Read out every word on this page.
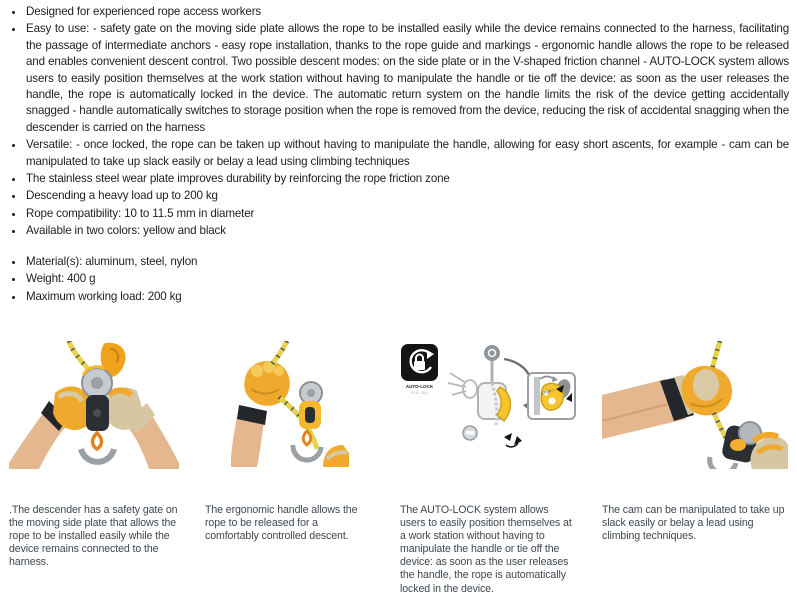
• Designed for experienced rope access workers
• Easy to use: - safety gate on the moving side plate allows the rope to be installed easily while the device remains connected to the harness, facilitating the passage of intermediate anchors - easy rope installation, thanks to the rope guide and markings - ergonomic handle allows the rope to be released and enables convenient descent control. Two possible descent modes: on the side plate or in the V-shaped friction channel - AUTO-LOCK system allows users to easily position themselves at the work station without having to manipulate the handle or tie off the device: as soon as the user releases the handle, the rope is automatically locked in the device. The automatic return system on the handle limits the risk of the device getting accidentally snagged - handle automatically switches to storage position when the rope is removed from the device, reducing the risk of accidental snagging when the descender is carried on the harness
• Versatile: - once locked, the rope can be taken up without having to manipulate the handle, allowing for easy short ascents, for example - cam can be manipulated to take up slack easily or belay a lead using climbing techniques
• The stainless steel wear plate improves durability by reinforcing the rope friction zone
• Descending a heavy load up to 200 kg
• Rope compatibility: 10 to 11.5 mm in diameter
• Available in two colors: yellow and black
• Material(s): aluminum, steel, nylon
• Weight: 400 g
• Maximum working load: 200 kg
.The descender has a safety gate on the moving side plate that allows the rope to be installed easily while the device remains connected to the harness.
The ergonomic handle allows the rope to be released for a comfortably controlled descent.
AUTO-LOCK
I'D S - I'D L	STOP !
The AUTO-LOCK system allows users to easily position themselves at a work station without having to manipulate the handle or tie off the device: as soon as the user releases the handle, the rope is automatically locked in the device.
The cam can be manipulated to take up slack easily or belay a lead using climbing techniques.
